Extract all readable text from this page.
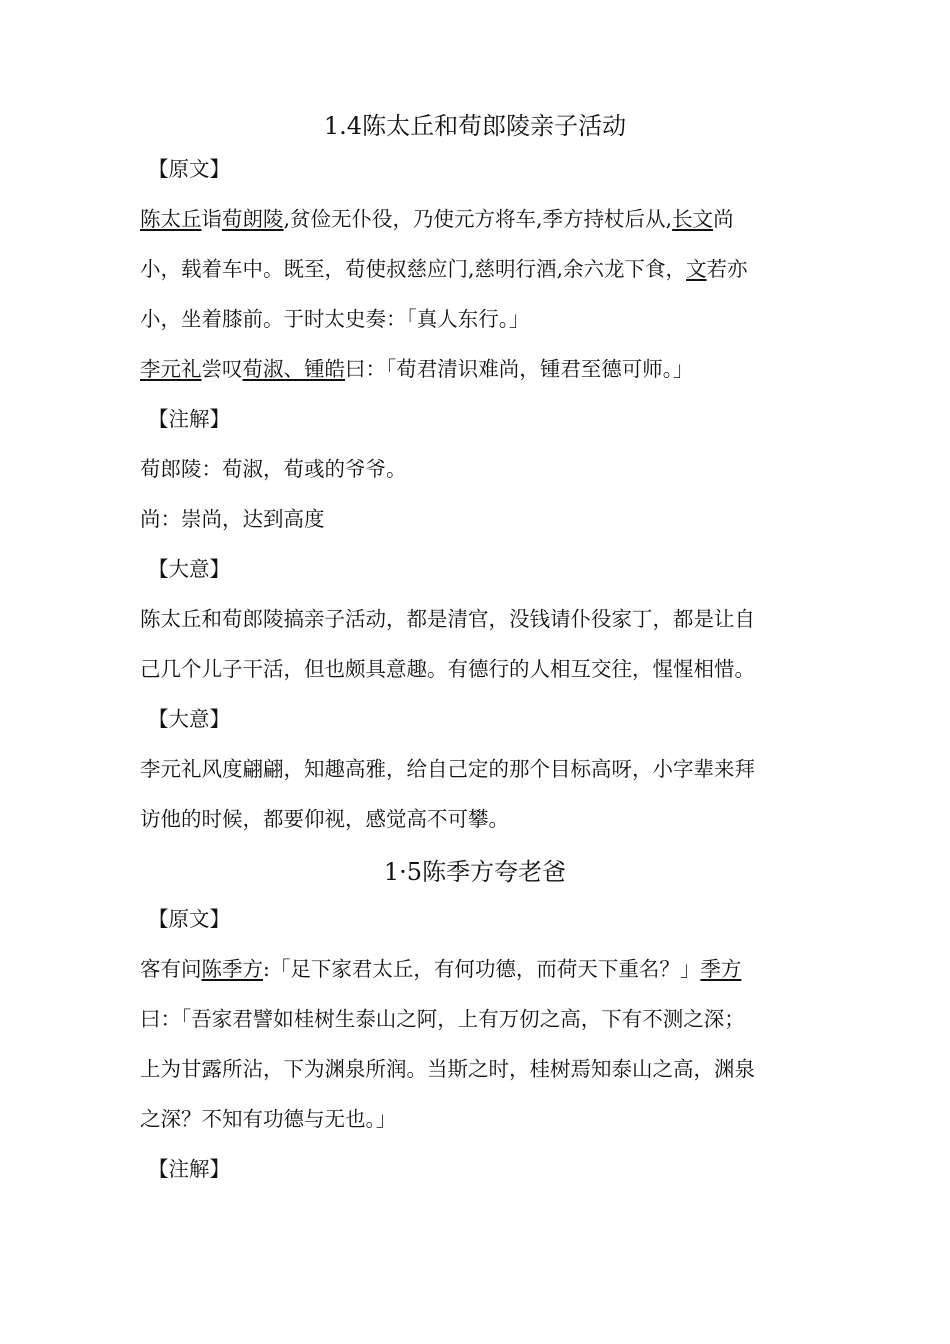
1.4陈太丘和荀郎陵亲子活动
【原文】
陈太丘诣荀朗陵,贫俭无仆役，乃使元方将车,季方持杖后从,长文尚
小，载着车中。既至，荀使叔慈应门,慈明行酒,余六龙下食，文若亦
小，坐着膝前。于时太史奏：「真人东行。」
李元礼尝叹荀淑、锺皓曰：「荀君清识难尚，锺君至德可师。」
【注解】
荀郎陵：荀淑，荀彧的爷爷。
尚：崇尚，达到高度
【大意】
陈太丘和荀郎陵搞亲子活动，都是清官，没钱请仆役家丁，都是让自
己几个儿子干活，但也颇具意趣。有德行的人相互交往，惺惺相惜。
【大意】
李元礼风度翩翩，知趣高雅，给自己定的那个目标高呀，小字辈来拜
访他的时候，都要仰视，感觉高不可攀。
1·5陈季方夸老爸
【原文】
客有问陈季方:「足下家君太丘，有何功德，而荷天下重名？」季方
曰：「吾家君譬如桂树生泰山之阿，上有万仞之高，下有不测之深；
上为甘露所沾，下为渊泉所润。当斯之时，桂树焉知泰山之高，渊泉
之深？不知有功德与无也。」
【注解】
